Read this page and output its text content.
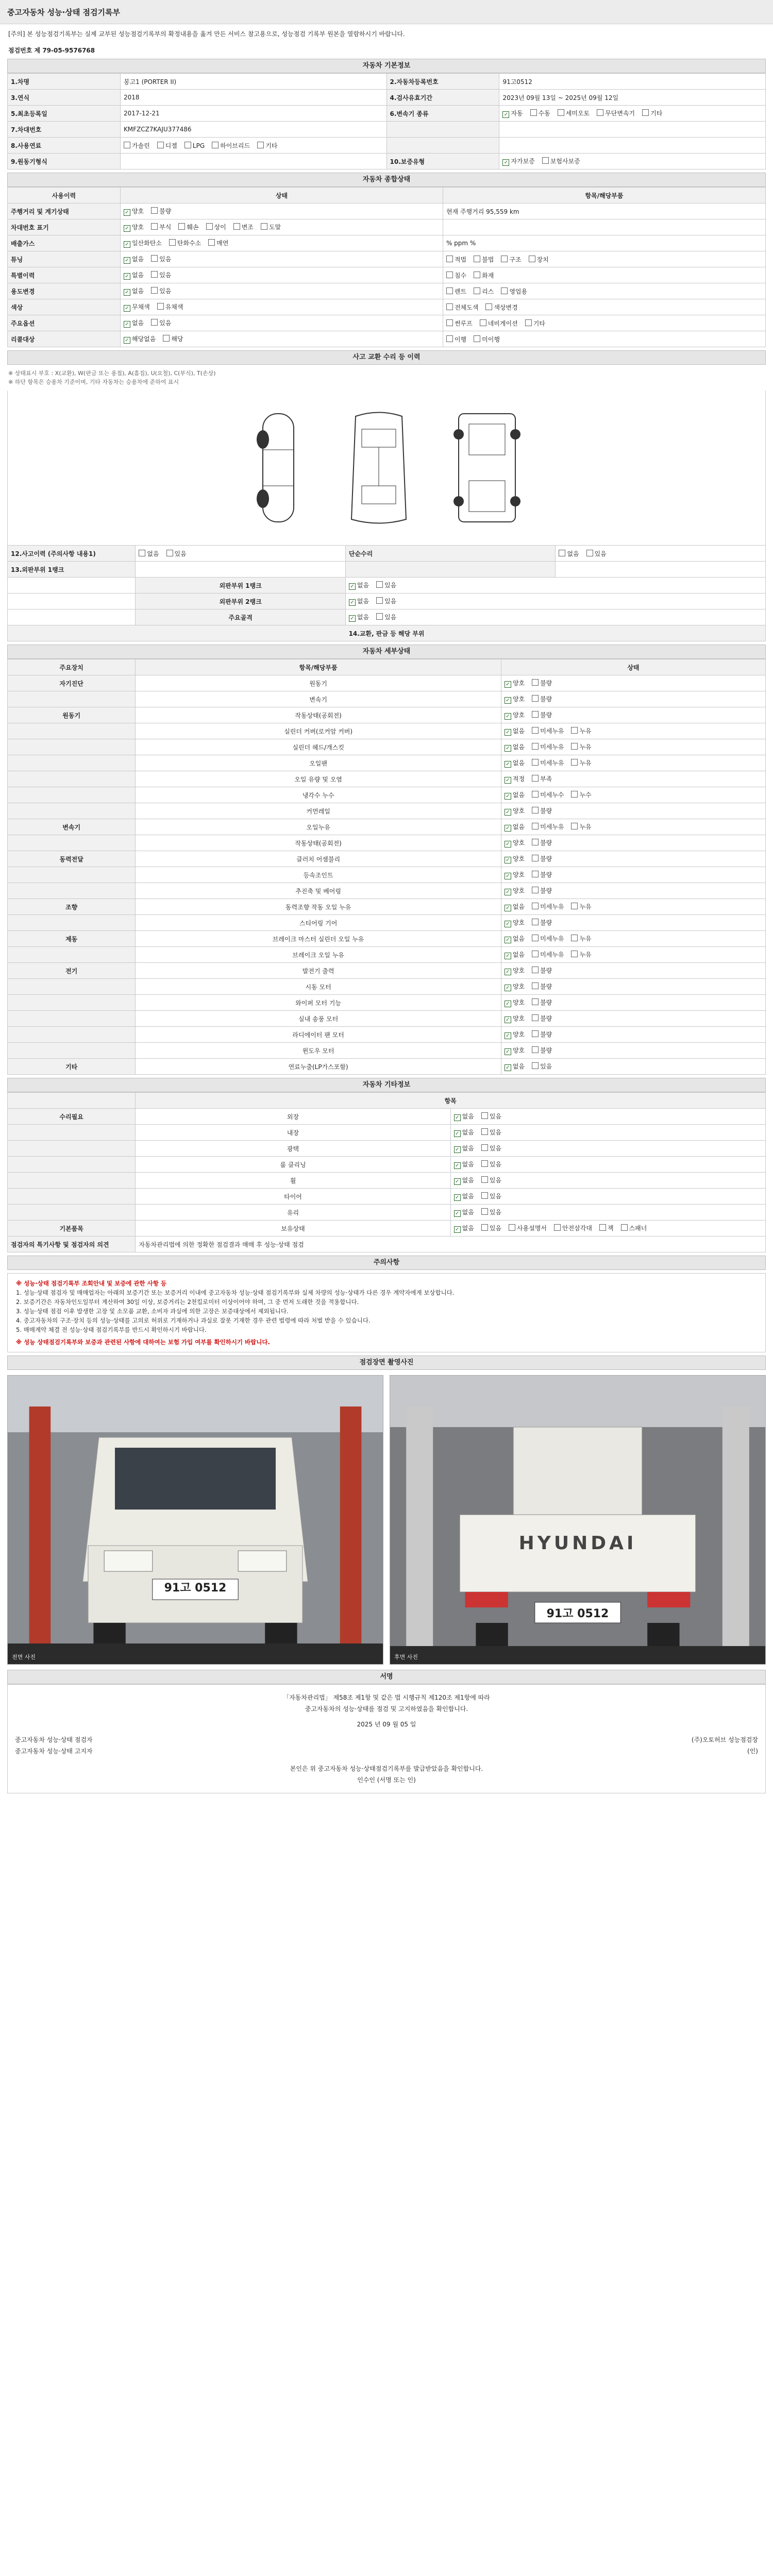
중고자동차 성능·상태 점검기록부
[주의] 본 성능점검기록부는 실제 교부된 성능점검기록부의 확정내용을 옮겨 만든 서비스 참고용으로, 성능점검 기록부 원본을 열람하시기 바랍니다.
점검번호 제 79-05-9576768
자동차 기본정보
1.차명	봉고1 (PORTER II)	2.자동차등록번호	91고0512
3.연식	2018	4.검사유효기간	2023년 09월 13일 ~ 2025년 09월 12일
5.최초등록일	2017-12-21	6.변속기 종류	✓ 자동 수동 세미오토 무단변속기 기타
7.차대번호	KMFZCZ7KAJU377486		
8.사용연료	가솔린 디젤 LPG 하이브리드 기타		
9.원동기형식		10.보증유형	✓ 자가보증 보험사보증
자동차 종합상태
사용이력	상태	항목/해당부품
주행거리 및 계기상태	✓ 양호 불량	현재 주행거리 95,559 km
차대번호 표기	✓ 양호 부식 훼손 상이 변조 도말	
배출가스	✓ 일산화탄소 탄화수소 매연	% ppm %
튜닝	✓ 없음 있음	적법 불법 구조 장치
특별이력	✓ 없음 있음	침수 화재
용도변경	✓ 없음 있음	렌트 리스 영업용
색상	✓ 무채색 유채색	전체도색 색상변경
주요옵션	✓ 없음 있음	썬루프 네비게이션 기타
리콜대상	✓ 해당없음 해당	이행 미이행
사고 교환 수리 등 이력
※ 상태표시 부호 : X(교환), W(판금 또는 용접), A(흠집), U(요철), C(부식), T(손상)
※ 하단 항목은 승용차 기준이며, 기타 자동차는 승용차에 준하여 표시
12.사고이력 (주의사항 내용1)	없음 있음	단순수리	없음 있음
13.외판부위 1랭크			
	외판부위 1랭크	✓ 없음 있음	
	외판부위 2랭크	✓ 없음 있음	
	주요골격	✓ 없음 있음	
14.교환, 판금 등 해당 부위			
자동차 세부상태
주요장치	항목/해당부품	상태
자기진단	원동기	✓ 양호 불량
	변속기	✓ 양호 불량
원동기	작동상태(공회전)	✓ 양호 불량
	실린더 커버(로커암 커버)	✓ 없음 미세누유 누유
	실린더 헤드/개스킷	✓ 없음 미세누유 누유
	오일팬	✓ 없음 미세누유 누유
	오일 유량 및 오염	✓ 적정 부족
	냉각수 누수	✓ 없음 미세누수 누수
	커먼레일	✓ 양호 불량
변속기	오일누유	✓ 없음 미세누유 누유
	작동상태(공회전)	✓ 양호 불량
동력전달	클러치 어셈블리	✓ 양호 불량
	등속조인트	✓ 양호 불량
	추진축 및 베어링	✓ 양호 불량
조향	동력조향 작동 오일 누유	✓ 없음 미세누유 누유
	스티어링 기어	✓ 양호 불량
제동	브레이크 마스터 실린더 오일 누유	✓ 없음 미세누유 누유
	브레이크 오일 누유	✓ 없음 미세누유 누유
전기	발전기 출력	✓ 양호 불량
	시동 모터	✓ 양호 불량
	와이퍼 모터 기능	✓ 양호 불량
	실내 송풍 모터	✓ 양호 불량
	라디에이터 팬 모터	✓ 양호 불량
	윈도우 모터	✓ 양호 불량
기타	연료누출(LP가스포함)	✓ 없음 있음
자동차 기타정보
	항목	
수리필요	외장	✓ 없음 있음
	내장	✓ 없음 있음
	광택	✓ 없음 있음
	룸 클리닝	✓ 없음 있음
	휠	✓ 없음 있음
	타이어	✓ 없음 있음
	유리	✓ 없음 있음
기본품목	보유상태	✓ 없음 있음 사용설명서 안전삼각대 잭 스패너
점검자의 특기사항 및 점검자의 의견	자동차관리법에 의한 정확한 점검결과 매매 후 성능·상태 점검	
주의사항
※ 성능·상태 점검기록부 조회안내 및 보증에 관한 사항 등
1. 성능·상태 점검자 및 매매업자는 아래의 보증기간 또는 보증거리 이내에 중고자동차 성능·상태 점검기록부와 실제 차량의 성능·상태가 다른 경우 계약자에게 보상합니다.
2. 보증기간은 자동차인도일부터 계산하여 30일 이상, 보증거리는 2천킬로미터 이상이어야 하며, 그 중 먼저 도래한 것을 적용합니다.
3. 성능·상태 점검 이후 발생한 고장 및 소모품 교환, 소비자 과실에 의한 고장은 보증대상에서 제외됩니다.
4. 중고자동차의 구조·장치 등의 성능·상태를 고의로 허위로 기재하거나 과실로 잘못 기재한 경우 관련 법령에 따라 처벌 받을 수 있습니다.
5. 매매계약 체결 전 성능·상태 점검기록부를 반드시 확인하시기 바랍니다.
※ 성능 상태점검기록부와 보증과 관련된 사항에 대하여는 보험 가입 여부를 확인하시기 바랍니다.
점검장면 촬영사진
91고 0512
전면 사진
HYUNDAI
91고 0512
후면 사진
서명
「자동차관리법」 제58조 제1항 및 같은 법 시행규칙 제120조 제1항에 따라
중고자동차의 성능·상태를 점검 및 고지하였음을 확인합니다.
2025 년 09 월 05 일
중고자동차 성능·상태 점검자	(주)오토허브 성능점검장
중고자동차 성능·상태 고지자	(인)
본인은 위 중고자동차 성능·상태점검기록부를 발급받았음을 확인합니다.
인수인 (서명 또는 인)
